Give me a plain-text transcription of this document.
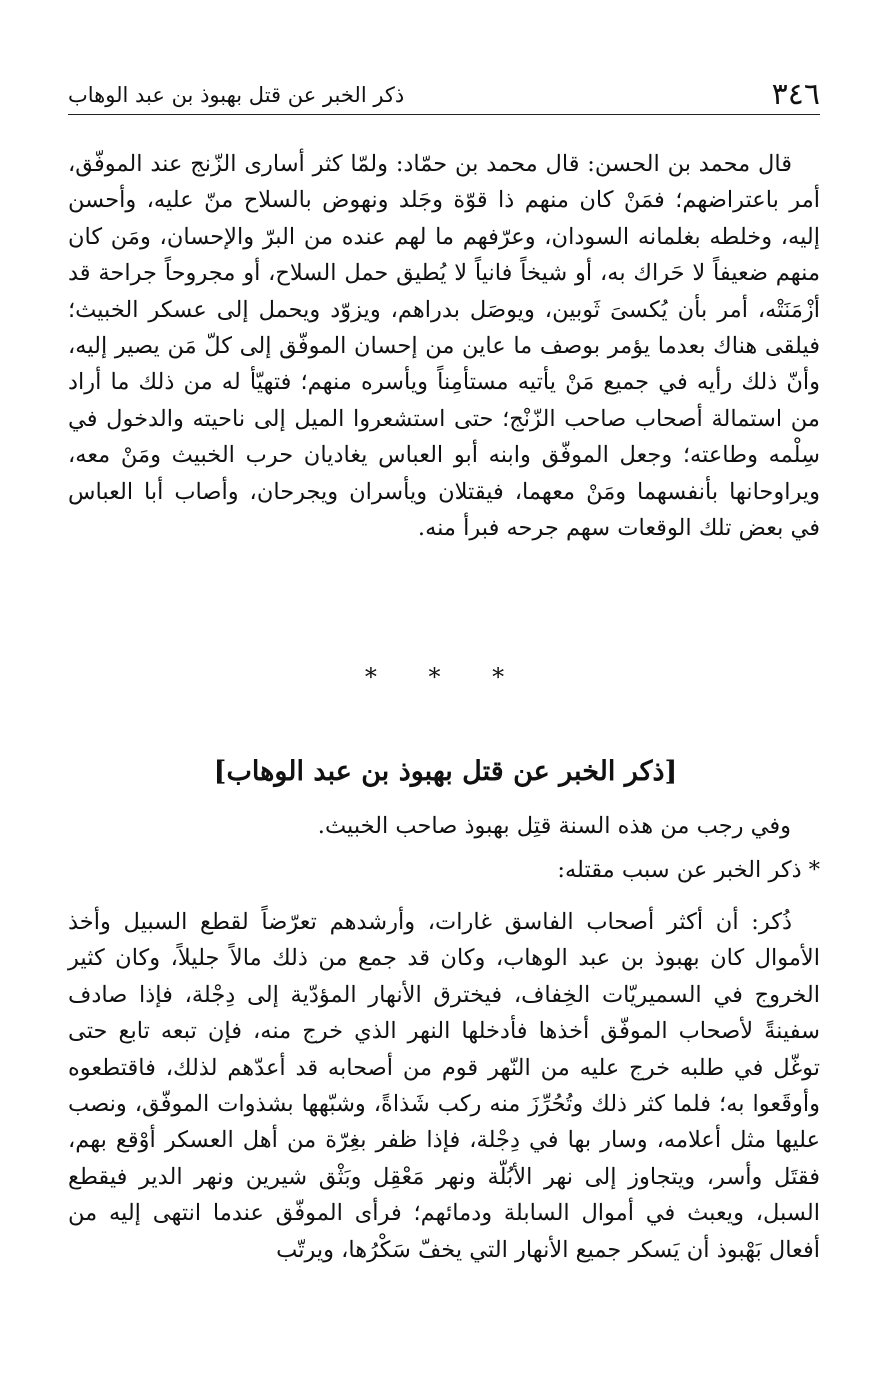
٣٤٦
ذكر الخبر عن قتل بهبوذ بن عبد الوهاب
قال محمد بن الحسن: قال محمد بن حمّاد: ولمّا كثر أسارى الزّنج عند الموفّق، أمر باعتراضهم؛ فمَنْ كان منهم ذا قوّة وجَلد ونهوض بالسلاح منّ عليه، وأحسن إليه، وخلطه بغلمانه السودان، وعرّفهم ما لهم عنده من البرّ والإحسان، ومَن كان منهم ضعيفاً لا حَراك به، أو شيخاً فانياً لا يُطيق حمل السلاح، أو مجروحاً جراحة قد أزْمَنَتْه، أمر بأن يُكسىَ ثَوبين، ويوصَل بدراهم، ويزوّد ويحمل إلى عسكر الخبيث؛ فيلقى هناك بعدما يؤمر بوصف ما عاين من إحسان الموفّق إلى كلّ مَن يصير إليه، وأنّ ذلك رأيه في جميع مَنْ يأتيه مستأمِناً ويأسره منهم؛ فتهيّأ له من ذلك ما أراد من استمالة أصحاب صاحب الزّنْج؛ حتى استشعروا الميل إلى ناحيته والدخول في سِلْمه وطاعته؛ وجعل الموفّق وابنه أبو العباس يغاديان حرب الخبيث ومَنْ معه، ويراوحانها بأنفسهما ومَنْ معهما، فيقتلان ويأسران ويجرحان، وأصاب أبا العباس في بعض تلك الوقعات سهم جرحه فبرأ منه.
* * *
[ذكر الخبر عن قتل بهبوذ بن عبد الوهاب]
وفي رجب من هذه السنة قتِل بهبوذ صاحب الخبيث.
* ذكر الخبر عن سبب مقتله:
ذُكر: أن أكثر أصحاب الفاسق غارات، وأرشدهم تعرّضاً لقطع السبيل وأخذ الأموال كان بهبوذ بن عبد الوهاب، وكان قد جمع من ذلك مالاً جليلاً، وكان كثير الخروج في السميريّات الخِفاف، فيخترق الأنهار المؤدّية إلى دِجْلة، فإذا صادف سفينةً لأصحاب الموفّق أخذها فأدخلها النهر الذي خرج منه، فإن تبعه تابع حتى توغّل في طلبه خرج عليه من النّهر قوم من أصحابه قد أعدّهم لذلك، فاقتطعوه وأوقَعوا به؛ فلما كثر ذلك وتُحُرِّزَ منه ركب شَذاةً، وشبّهها بشذوات الموفّق، ونصب عليها مثل أعلامه، وسار بها في دِجْلة، فإذا ظفر بغِرّة من أهل العسكر أوْقع بهم، فقتَل وأسر، ويتجاوز إلى نهر الأبُلّة ونهر مَعْقِل وبَثْق شيرين ونهر الدير فيقطع السبل، ويعبث في أموال السابلة ودمائهم؛ فرأى الموفّق عندما انتهى إليه من أفعال بَهْبوذ أن يَسكر جميع الأنهار التي يخفّ سَكْرُها، ويرتّب
